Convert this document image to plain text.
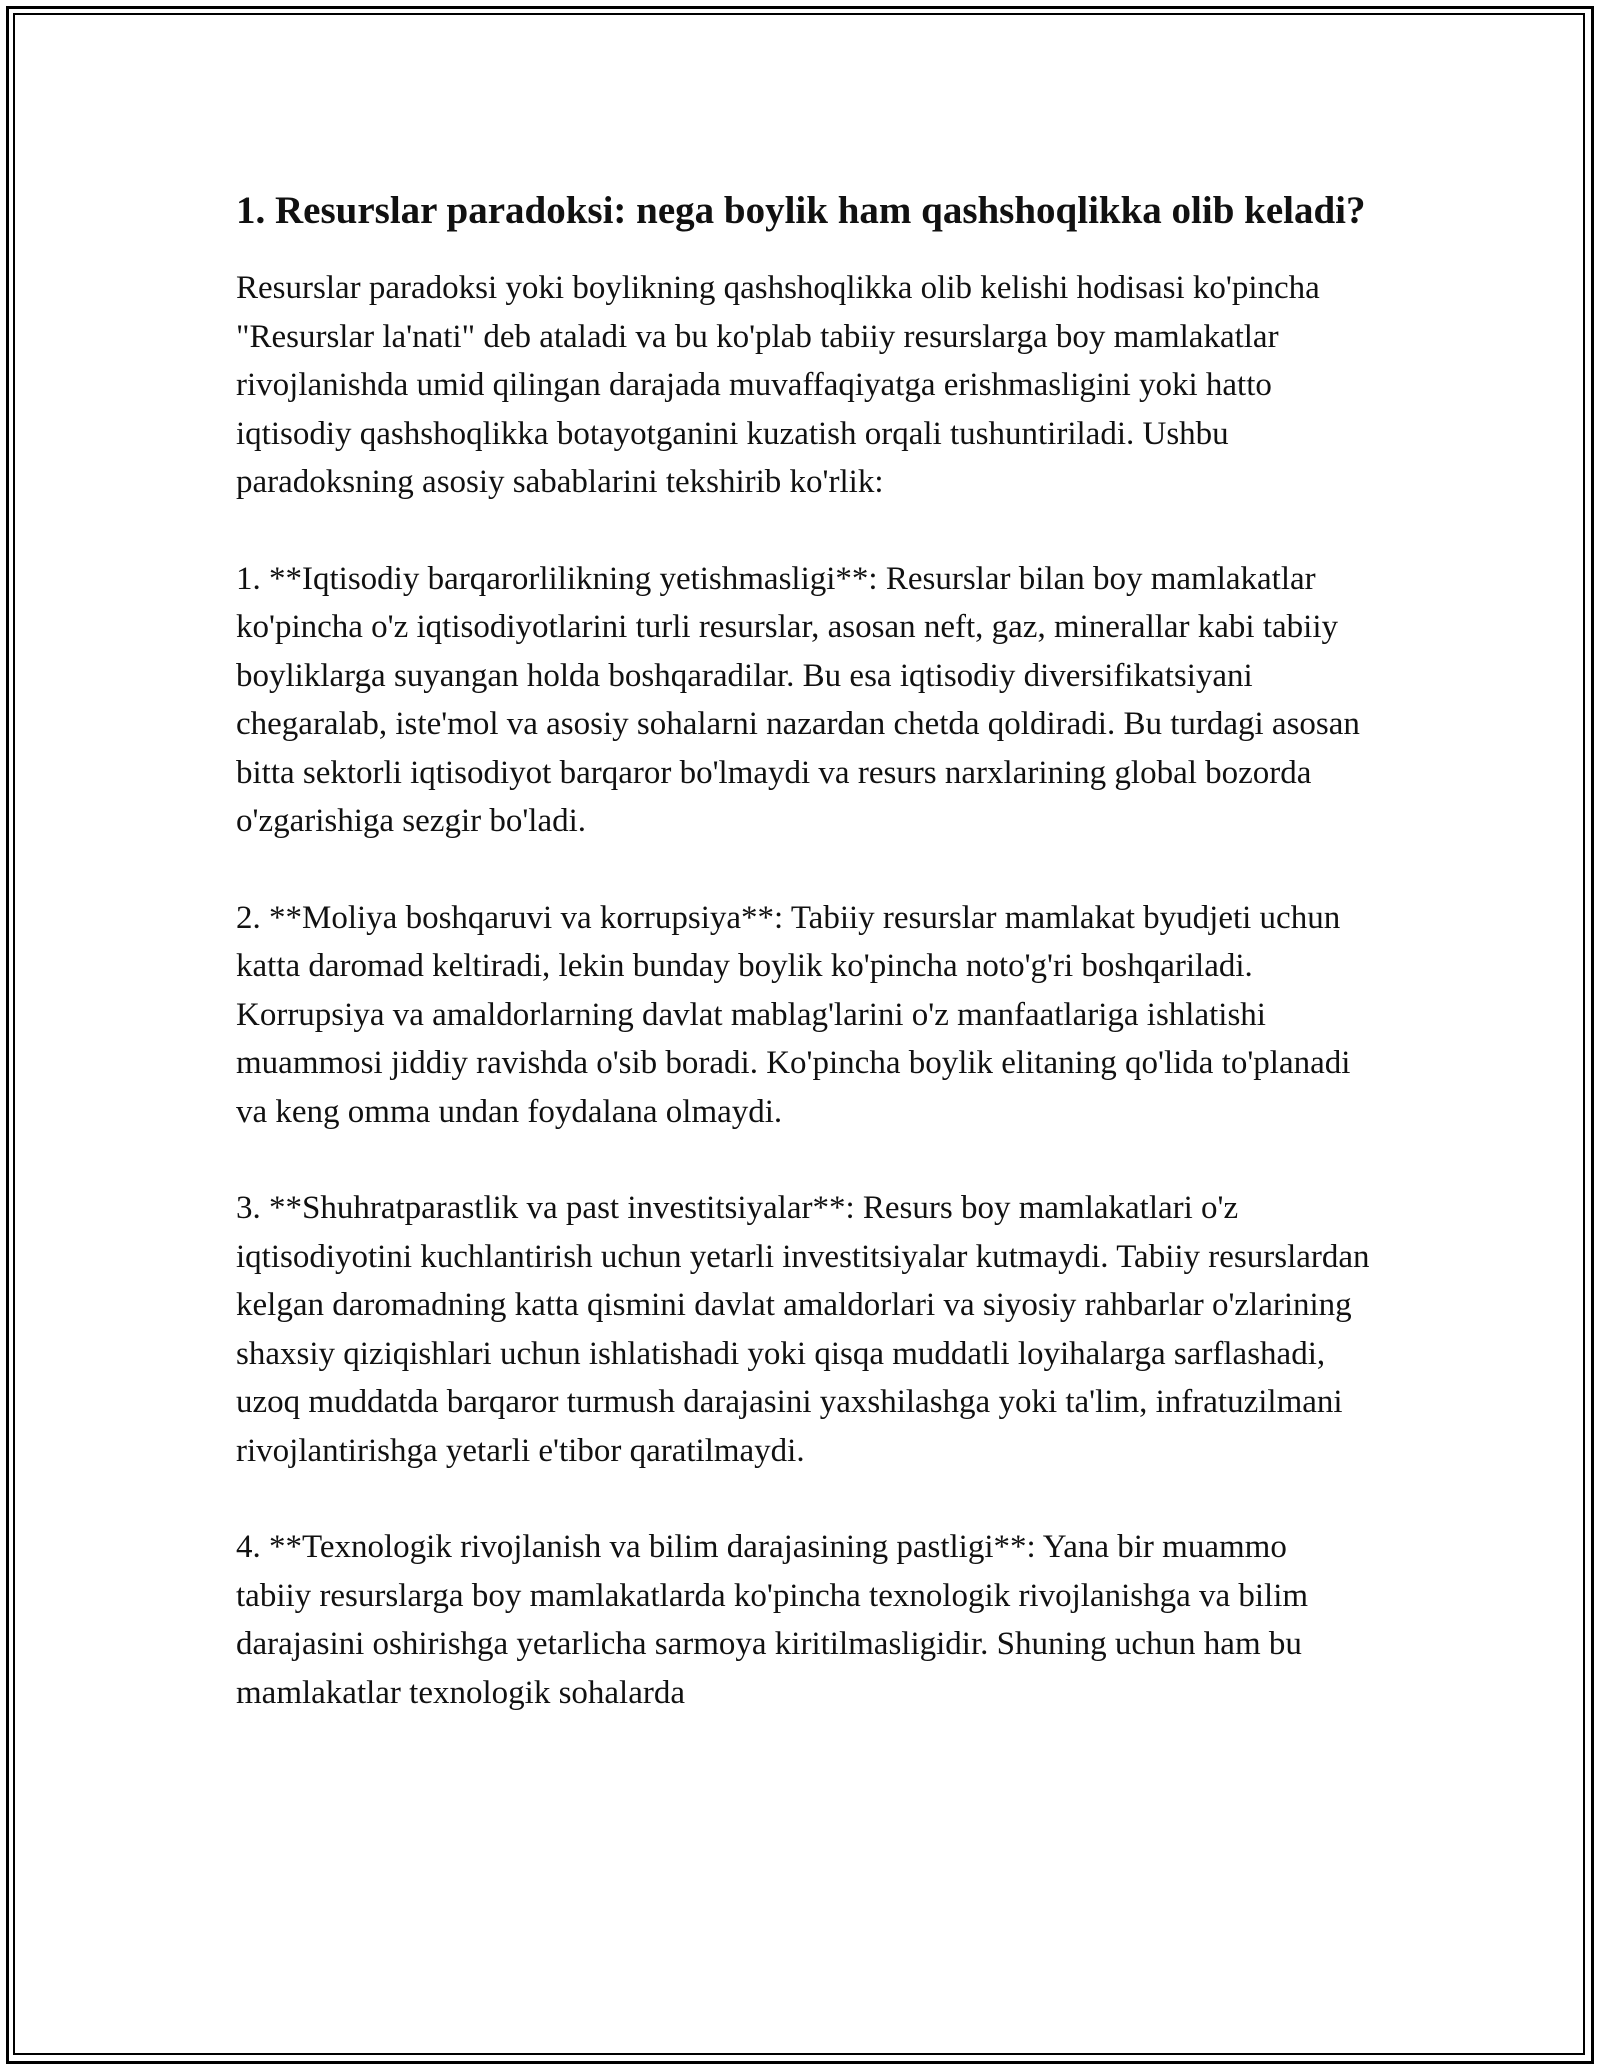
1. Resurslar paradoksi: nega boylik ham qashshoqlikka olib keladi?

Resurslar paradoksi yoki boylikning qashshoqlikka olib kelishi hodisasi ko'pincha "Resurslar la'nati" deb ataladi va bu ko'plab tabiiy resurslarga boy mamlakatlar rivojlanishda umid qilingan darajada muvaffaqiyatga erishmasligini yoki hatto iqtisodiy qashshoqlikka botayotganini kuzatish orqali tushuntiriladi. Ushbu paradoksning asosiy sabablarini tekshirib ko'rlik:

1. **Iqtisodiy barqarorlilikning yetishmasligi**: Resurslar bilan boy mamlakatlar ko'pincha o'z iqtisodiyotlarini turli resurslar, asosan neft, gaz, minerallar kabi tabiiy boyliklarga suyangan holda boshqaradilar. Bu esa iqtisodiy diversifikatsiyani chegaralab, iste'mol va asosiy sohalarni nazardan chetda qoldiradi. Bu turdagi asosan bitta sektorli iqtisodiyot barqaror bo'lmaydi va resurs narxlarining global bozorda o'zgarishiga sezgir bo'ladi.

2. **Moliya boshqaruvi va korrupsiya**: Tabiiy resurslar mamlakat byudjeti uchun katta daromad keltiradi, lekin bunday boylik ko'pincha noto'g'ri boshqariladi. Korrupsiya va amaldorlarning davlat mablag'larini o'z manfaatlariga ishlatishi muammosi jiddiy ravishda o'sib boradi. Ko'pincha boylik elitaning qo'lida to'planadi va keng omma undan foydalana olmaydi.

3. **Shuhratparastlik va past investitsiyalar**: Resurs boy mamlakatlari o'z iqtisodiyotini kuchlantirish uchun yetarli investitsiyalar kutmaydi. Tabiiy resurslardan kelgan daromadning katta qismini davlat amaldorlari va siyosiy rahbarlar o'zlarining shaxsiy qiziqishlari uchun ishlatishadi yoki qisqa muddatli loyihalarga sarflashadi, uzoq muddatda barqaror turmush darajasini yaxshilashga yoki ta'lim, infratuzilmani rivojlantirishga yetarli e'tibor qaratilmaydi.

4. **Texnologik rivojlanish va bilim darajasining pastligi**: Yana bir muammo tabiiy resurslarga boy mamlakatlarda ko'pincha texnologik rivojlanishga va bilim darajasini oshirishga yetarlicha sarmoya kiritilmasligidir. Shuning uchun ham bu mamlakatlar texnologik sohalarda
